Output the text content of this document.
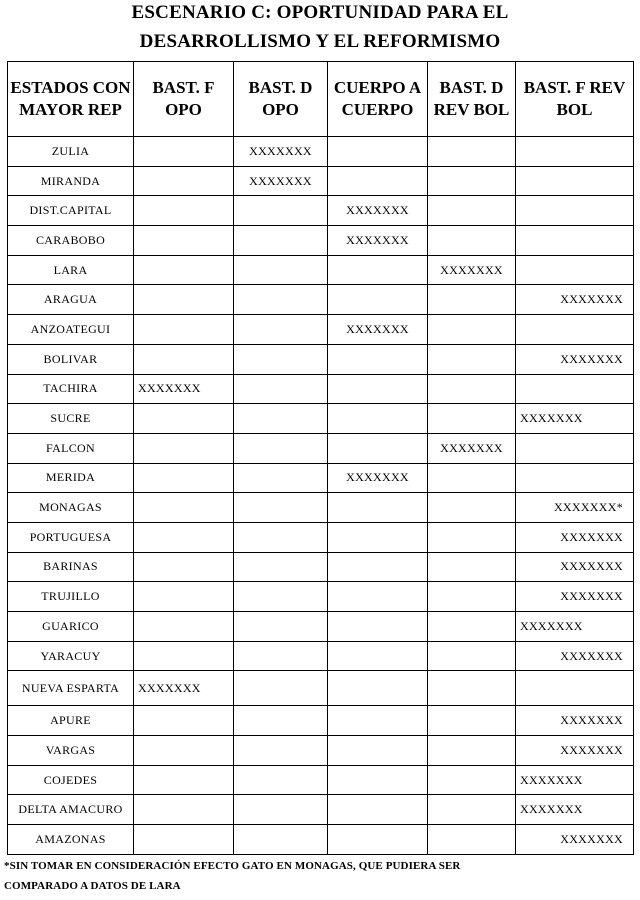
ESCENARIO C: OPORTUNIDAD PARA EL
DESARROLLISMO Y EL REFORMISMO
ESTADOS CON MAYOR REP	BAST. F OPO	BAST. D OPO	CUERPO A CUERPO	BAST. D REV BOL	BAST. F REV BOL
ZULIA		XXXXXXX			
MIRANDA		XXXXXXX			
DIST.CAPITAL			XXXXXXX		
CARABOBO			XXXXXXX		
LARA				XXXXXXX	
ARAGUA					XXXXXXX
ANZOATEGUI			XXXXXXX		
BOLIVAR					XXXXXXX
TACHIRA	XXXXXXX				
SUCRE					XXXXXXX
FALCON				XXXXXXX	
MERIDA			XXXXXXX		
MONAGAS					XXXXXXX*
PORTUGUESA					XXXXXXX
BARINAS					XXXXXXX
TRUJILLO					XXXXXXX
GUARICO					XXXXXXX
YARACUY					XXXXXXX
NUEVA ESPARTA	XXXXXXX				
APURE					XXXXXXX
VARGAS					XXXXXXX
COJEDES					XXXXXXX
DELTA AMACURO					XXXXXXX
AMAZONAS					XXXXXXX
*SIN TOMAR EN CONSIDERACIÓN EFECTO GATO EN MONAGAS, QUE PUDIERA SER
COMPARADO A DATOS DE LARA
